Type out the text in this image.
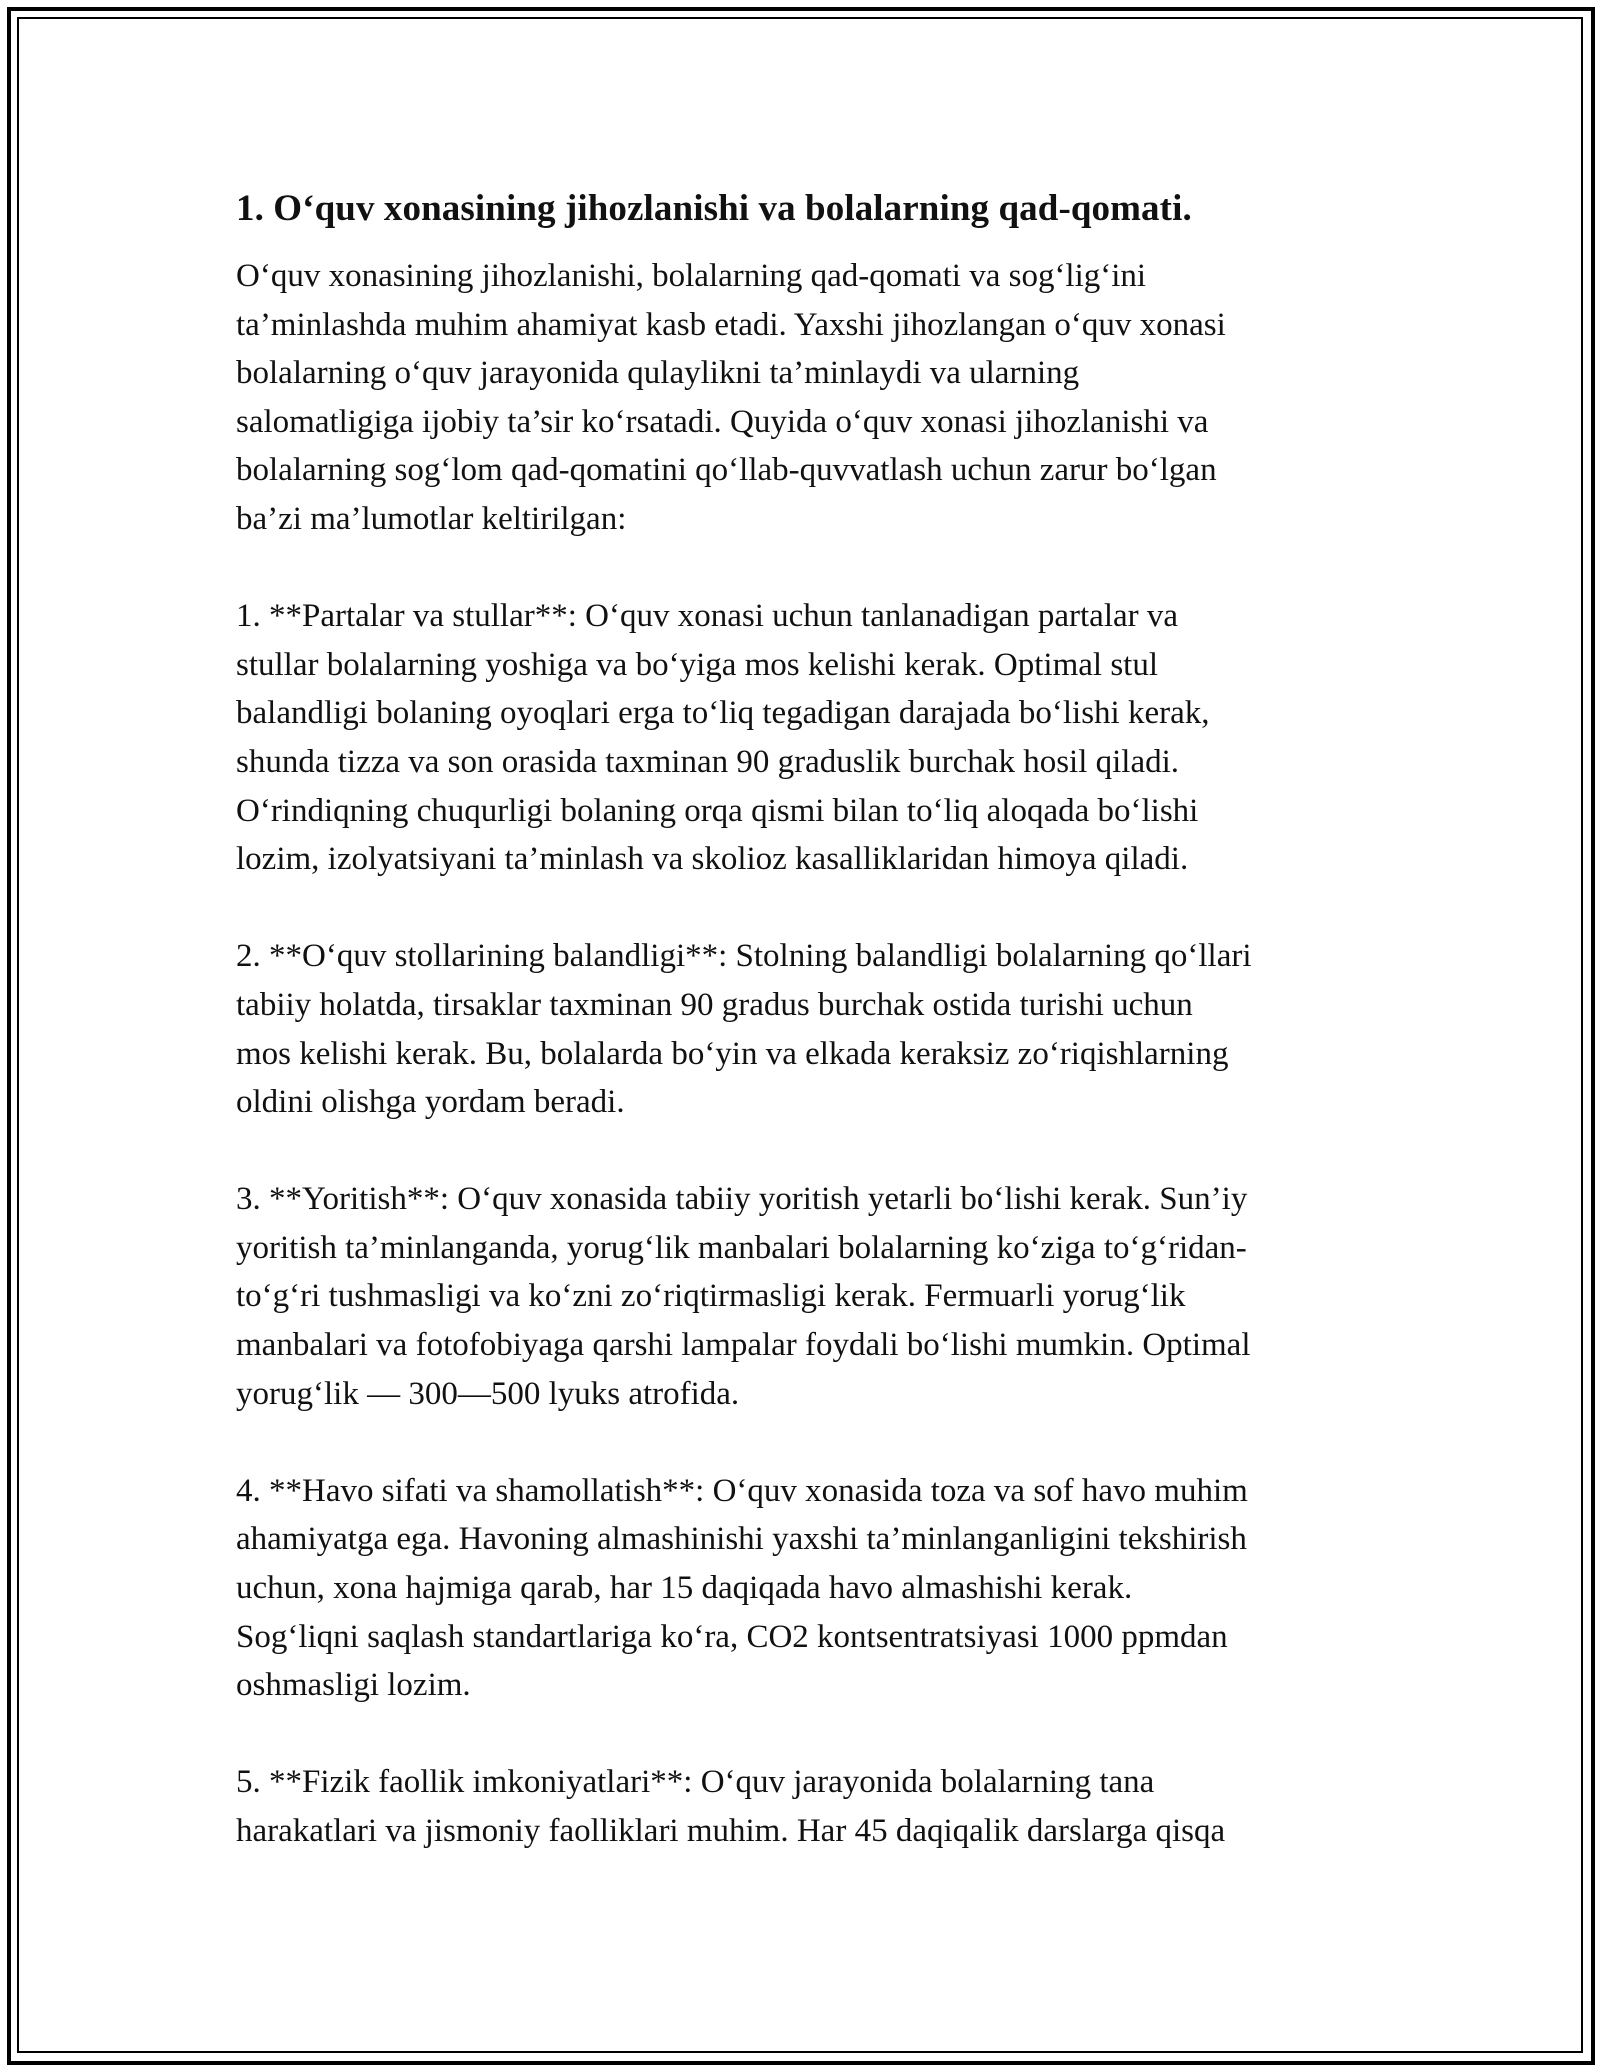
1. O‘quv xonasining jihozlanishi va bolalarning qad-qomati.
O‘quv xonasining jihozlanishi, bolalarning qad-qomati va sog‘lig‘ini
ta’minlashda muhim ahamiyat kasb etadi. Yaxshi jihozlangan o‘quv xonasi
bolalarning o‘quv jarayonida qulaylikni ta’minlaydi va ularning
salomatligiga ijobiy ta’sir ko‘rsatadi. Quyida o‘quv xonasi jihozlanishi va
bolalarning sog‘lom qad-qomatini qo‘llab-quvvatlash uchun zarur bo‘lgan
ba’zi ma’lumotlar keltirilgan:
1. **Partalar va stullar**: O‘quv xonasi uchun tanlanadigan partalar va
stullar bolalarning yoshiga va bo‘yiga mos kelishi kerak. Optimal stul
balandligi bolaning oyoqlari erga to‘liq tegadigan darajada bo‘lishi kerak,
shunda tizza va son orasida taxminan 90 graduslik burchak hosil qiladi.
O‘rindiqning chuqurligi bolaning orqa qismi bilan to‘liq aloqada bo‘lishi
lozim, izolyatsiyani ta’minlash va skolioz kasalliklaridan himoya qiladi.
2. **O‘quv stollarining balandligi**: Stolning balandligi bolalarning qo‘llari
tabiiy holatda, tirsaklar taxminan 90 gradus burchak ostida turishi uchun
mos kelishi kerak. Bu, bolalarda bo‘yin va elkada keraksiz zo‘riqishlarning
oldini olishga yordam beradi.
3. **Yoritish**: O‘quv xonasida tabiiy yoritish yetarli bo‘lishi kerak. Sun’iy
yoritish ta’minlanganda, yorug‘lik manbalari bolalarning ko‘ziga to‘g‘ridan-
to‘g‘ri tushmasligi va ko‘zni zo‘riqtirmasligi kerak. Fermuarli yorug‘lik
manbalari va fotofobiyaga qarshi lampalar foydali bo‘lishi mumkin. Optimal
yorug‘lik — 300—500 lyuks atrofida.
4. **Havo sifati va shamollatish**: O‘quv xonasida toza va sof havo muhim
ahamiyatga ega. Havoning almashinishi yaxshi ta’minlanganligini tekshirish
uchun, xona hajmiga qarab, har 15 daqiqada havo almashishi kerak.
Sog‘liqni saqlash standartlariga ko‘ra, CO2 kontsentratsiyasi 1000 ppmdan
oshmasligi lozim.
5. **Fizik faollik imkoniyatlari**: O‘quv jarayonida bolalarning tana
harakatlari va jismoniy faolliklari muhim. Har 45 daqiqalik darslarga qisqa
